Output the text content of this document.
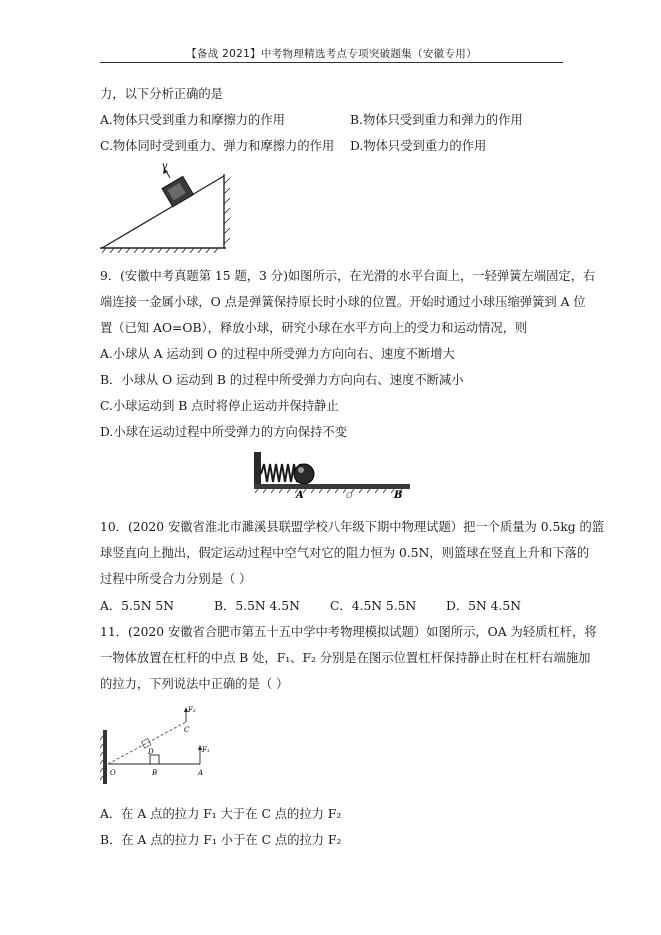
【备战 2021】中考物理精选考点专项突破题集（安徽专用）
力，以下分析正确的是
A.物体只受到重力和摩擦力的作用	B.物体只受到重力和弹力的作用
C.物体同时受到重力、弹力和摩擦力的作用 D.物体只受到重力的作用
v
9．(安徽中考真题第 15 题，3 分)如图所示，在光滑的水平台面上，一轻弹簧左端固定，右
端连接一金属小球，O 点是弹簧保持原长时小球的位置。开始时通过小球压缩弹簧到 A 位
置（已知 AO=OB），释放小球，研究小球在水平方向上的受力和运动情况，则
A.小球从 A 运动到 O 的过程中所受弹力方向向右、速度不断增大
B．小球从 O 运动到 B 的过程中所受弹力方向向右、速度不断减小
C.小球运动到 B 点时将停止运动并保持静止
D.小球在运动过程中所受弹力的方向保持不变
A	O	B
10．(2020 安徽省淮北市濉溪县联盟学校八年级下期中物理试题）把一个质量为 0.5kg 的篮
球竖直向上抛出，假定运动过程中空气对它的阻力恒为 0.5N，则篮球在竖直上升和下落的
过程中所受合力分别是（ ）
A．5.5N 5N	B．5.5N 4.5N C．4.5N 5.5N D．5N 4.5N
11．(2020 安徽省合肥市第五十五中学中考物理模拟试题）如图所示，OA 为轻质杠杆，将
一物体放置在杠杆的中点 B 处，F₁、F₂ 分别是在图示位置杠杆保持静止时在杠杆右端施加
的拉力，下列说法中正确的是（ ）
F₁
F₂
O	B	A
C
D
A．在 A 点的拉力 F₁ 大于在 C 点的拉力 F₂
B．在 A 点的拉力 F₁ 小于在 C 点的拉力 F₂
